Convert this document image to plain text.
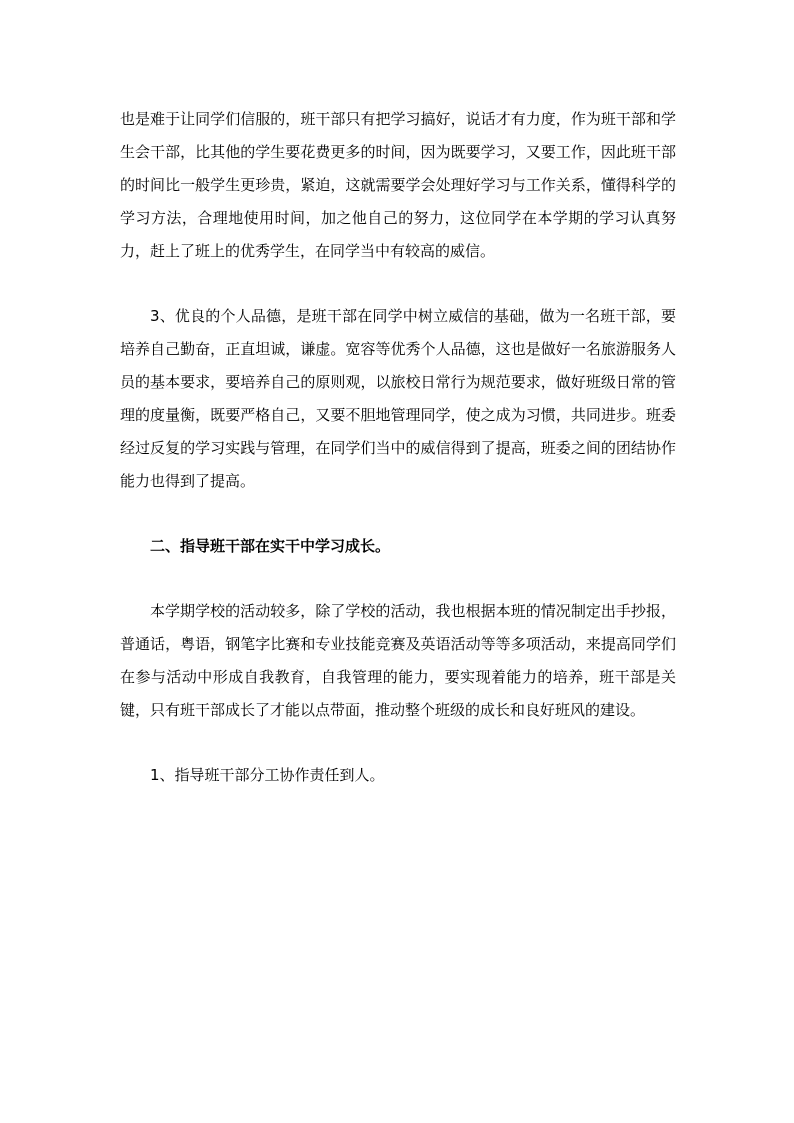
也是难于让同学们信服的，班干部只有把学习搞好，说话才有力度，作为班干部和学生会干部，比其他的学生要花费更多的时间，因为既要学习，又要工作，因此班干部的时间比一般学生更珍贵，紧迫，这就需要学会处理好学习与工作关系，懂得科学的学习方法，合理地使用时间，加之他自己的努力，这位同学在本学期的学习认真努力，赶上了班上的优秀学生，在同学当中有较高的威信。

3、优良的个人品德，是班干部在同学中树立威信的基础，做为一名班干部，要培养自己勤奋，正直坦诚，谦虚。宽容等优秀个人品德，这也是做好一名旅游服务人员的基本要求，要培养自己的原则观，以旅校日常行为规范要求，做好班级日常的管理的度量衡，既要严格自己，又要不胆地管理同学，使之成为习惯，共同进步。班委经过反复的学习实践与管理，在同学们当中的威信得到了提高，班委之间的团结协作能力也得到了提高。

二、指导班干部在实干中学习成长。

本学期学校的活动较多，除了学校的活动，我也根据本班的情况制定出手抄报，普通话，粤语，钢笔字比赛和专业技能竞赛及英语活动等等多项活动，来提高同学们在参与活动中形成自我教育，自我管理的能力，要实现着能力的培养，班干部是关键，只有班干部成长了才能以点带面，推动整个班级的成长和良好班风的建设。

1、指导班干部分工协作责任到人。
